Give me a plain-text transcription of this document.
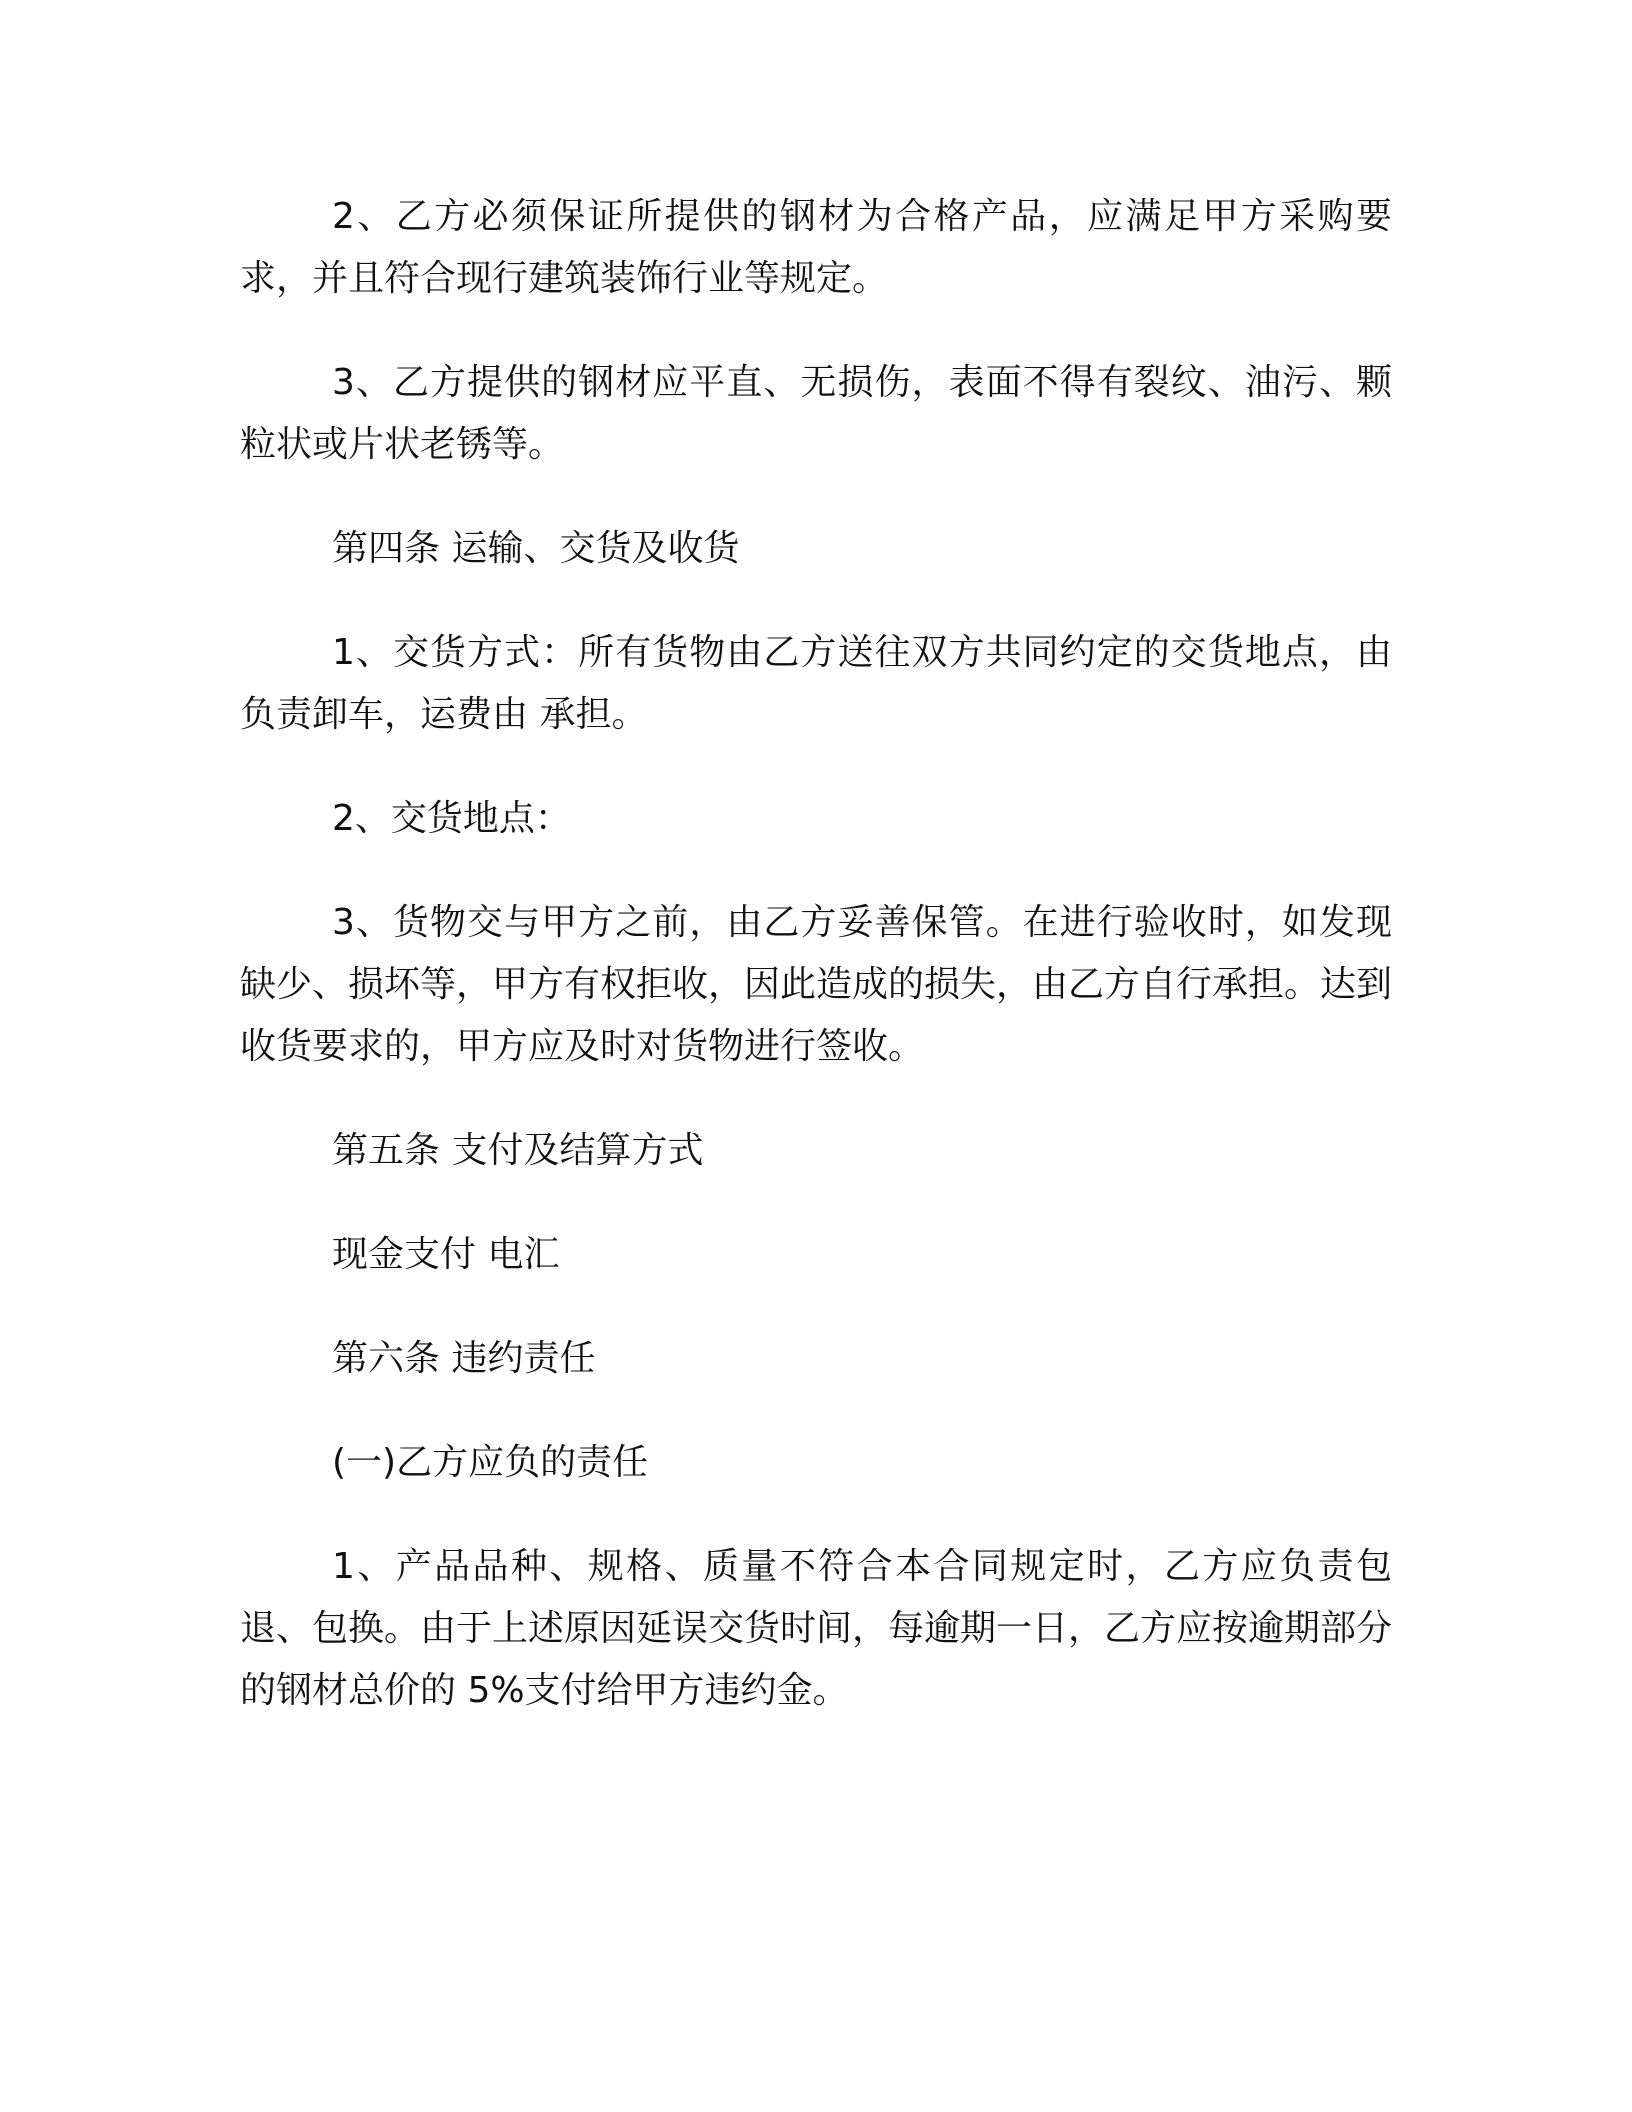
2、乙方必须保证所提供的钢材为合格产品，应满足甲方采购要求，并且符合现行建筑装饰行业等规定。

3、乙方提供的钢材应平直、无损伤，表面不得有裂纹、油污、颗粒状或片状老锈等。

第四条 运输、交货及收货

1、交货方式：所有货物由乙方送往双方共同约定的交货地点，由负责卸车，运费由 承担。

2、交货地点：

3、货物交与甲方之前，由乙方妥善保管。在进行验收时，如发现缺少、损坏等，甲方有权拒收，因此造成的损失，由乙方自行承担。达到收货要求的，甲方应及时对货物进行签收。

第五条 支付及结算方式

现金支付 电汇

第六条 违约责任

(一)乙方应负的责任

1、产品品种、规格、质量不符合本合同规定时，乙方应负责包退、包换。由于上述原因延误交货时间，每逾期一日，乙方应按逾期部分的钢材总价的 5%支付给甲方违约金。
